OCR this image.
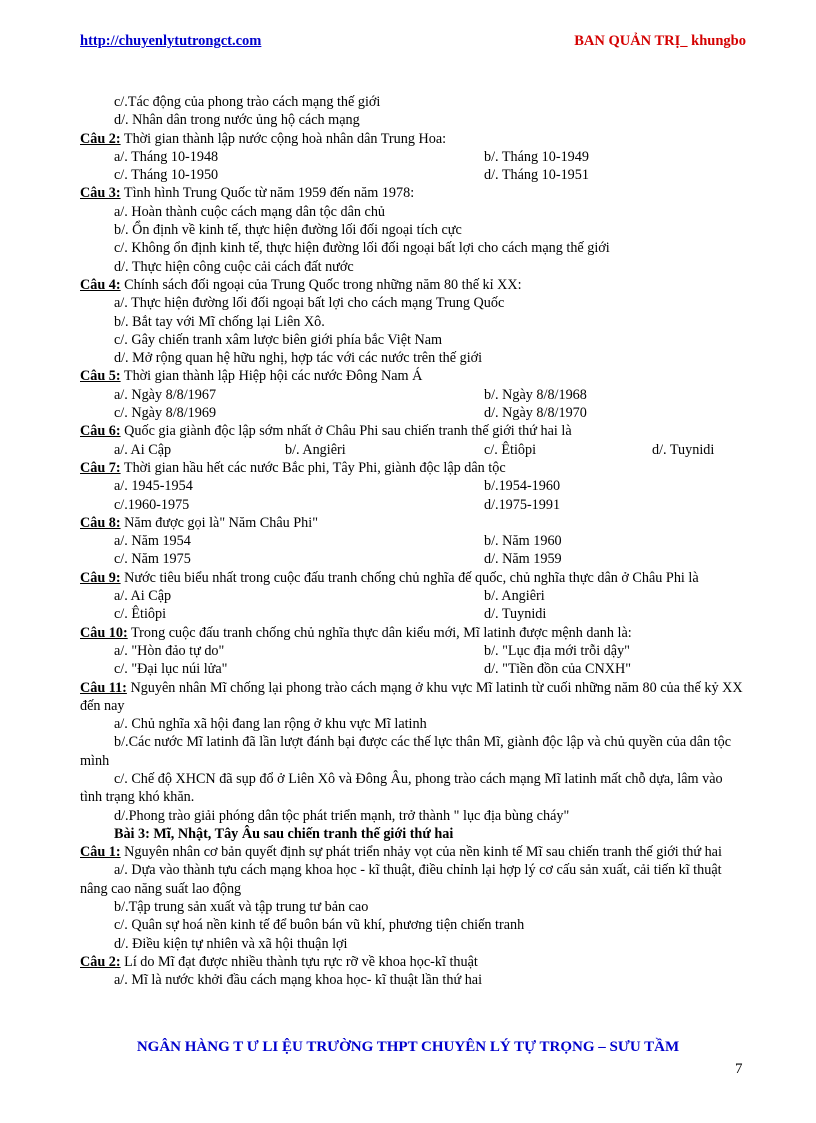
http://chuyenlytutrongct.com	BAN QUẢN TRỊ_ khungbo
c/.Tác động của phong trào cách mạng thế giới
d/. Nhân dân trong nước ủng hộ cách mạng
Câu 2: Thời gian thành lập nước cộng hoà nhân dân Trung Hoa:
a/. Tháng 10-1948	b/. Tháng 10-1949
c/. Tháng 10-1950	d/. Tháng 10-1951
Câu 3: Tình hình Trung Quốc từ năm 1959 đến năm 1978:
a/. Hoàn thành cuộc cách mạng dân tộc dân chủ
b/. Ổn định về kinh tế, thực hiện đường lối đối ngoại tích cực
c/. Không ổn định kinh tế, thực hiện đường lối đối ngoại bất lợi cho cách mạng thế giới
d/. Thực hiện công cuộc cải cách đất nước
Câu 4: Chính sách đối ngoại của Trung Quốc trong những năm 80 thế kỉ XX:
a/. Thực hiện đường lối đối ngoại bất lợi cho cách mạng Trung Quốc
b/. Bắt tay với Mĩ chống lại Liên Xô.
c/. Gây chiến tranh xâm lược biên giới phía bắc Việt Nam
d/. Mở rộng quan hệ hữu nghị, hợp tác với các nước trên thế giới
Câu 5: Thời gian thành lập Hiệp hội các nước Đông Nam Á
a/. Ngày 8/8/1967	b/. Ngày 8/8/1968
c/. Ngày 8/8/1969	d/. Ngày 8/8/1970
Câu 6: Quốc gia giành độc lập sớm nhất ở Châu Phi sau chiến tranh thế giới thứ hai là
a/. Ai Cập	b/. Angiêri	c/. Êtiôpi	d/. Tuynidi
Câu 7: Thời gian hầu hết các nước Bắc phi, Tây Phi, giành độc lập dân tộc
a/. 1945-1954	b/.1954-1960
c/.1960-1975	d/.1975-1991
Câu 8: Năm được gọi là" Năm Châu Phi"
a/. Năm 1954	b/. Năm 1960
c/. Năm 1975	d/. Năm 1959
Câu 9: Nước tiêu biểu nhất trong cuộc đấu tranh chống chủ nghĩa đế quốc, chủ nghĩa thực dân ở Châu Phi là
a/. Ai Cập	b/. Angiêri
c/. Êtiôpi	d/. Tuynidi
Câu 10: Trong cuộc đấu tranh chống chủ nghĩa thực dân kiểu mới, Mĩ latinh được mệnh danh là:
a/. "Hòn đảo tự do"	b/. "Lục địa mới trỗi dậy"
c/. "Đại lục núi lửa"	d/. "Tiền đồn của CNXH"
Câu 11: Nguyên nhân Mĩ chống lại phong trào cách mạng ở khu vực Mĩ latinh từ cuối những năm 80 của thế kỷ XX đến nay
a/. Chủ nghĩa xã hội đang lan rộng ở khu vực Mĩ latinh
b/.Các nước Mĩ latinh đã lần lượt đánh bại được các thế lực thân Mĩ, giành độc lập và chủ quyền của dân tộc mình
c/. Chế độ XHCN đã sụp đổ ở Liên Xô và Đông Âu, phong trào cách mạng Mĩ latinh mất chỗ dựa, lâm vào tình trạng khó khăn.
d/.Phong trào giải phóng dân tộc phát triển mạnh, trở thành " lục địa bùng cháy"
Bài 3: Mĩ, Nhật, Tây Âu sau chiến tranh thế giới thứ hai
Câu 1: Nguyên nhân cơ bản quyết định sự phát triển nhảy vọt của nền kinh tế Mĩ sau chiến tranh thế giới thứ hai
a/. Dựa vào thành tựu cách mạng khoa học - kĩ thuật, điều chỉnh lại hợp lý cơ cấu sản xuất, cải tiến kĩ thuật nâng cao năng suất lao động
b/.Tập trung sản xuất và tập trung tư bản cao
c/. Quân sự hoá nền kinh tế để buôn bán vũ khí, phương tiện chiến tranh
d/. Điều kiện tự nhiên và xã hội thuận lợi
Câu 2: Lí do Mĩ đạt được nhiều thành tựu rực rỡ về khoa học-kĩ thuật
a/. Mĩ là nước khởi đầu cách mạng khoa học- kĩ thuật lần thứ hai
NGÂN HÀNG T Ư LI ỆU TRƯỜNG THPT CHUYÊN LÝ TỰ TRỌNG – SƯU TẦM
7
